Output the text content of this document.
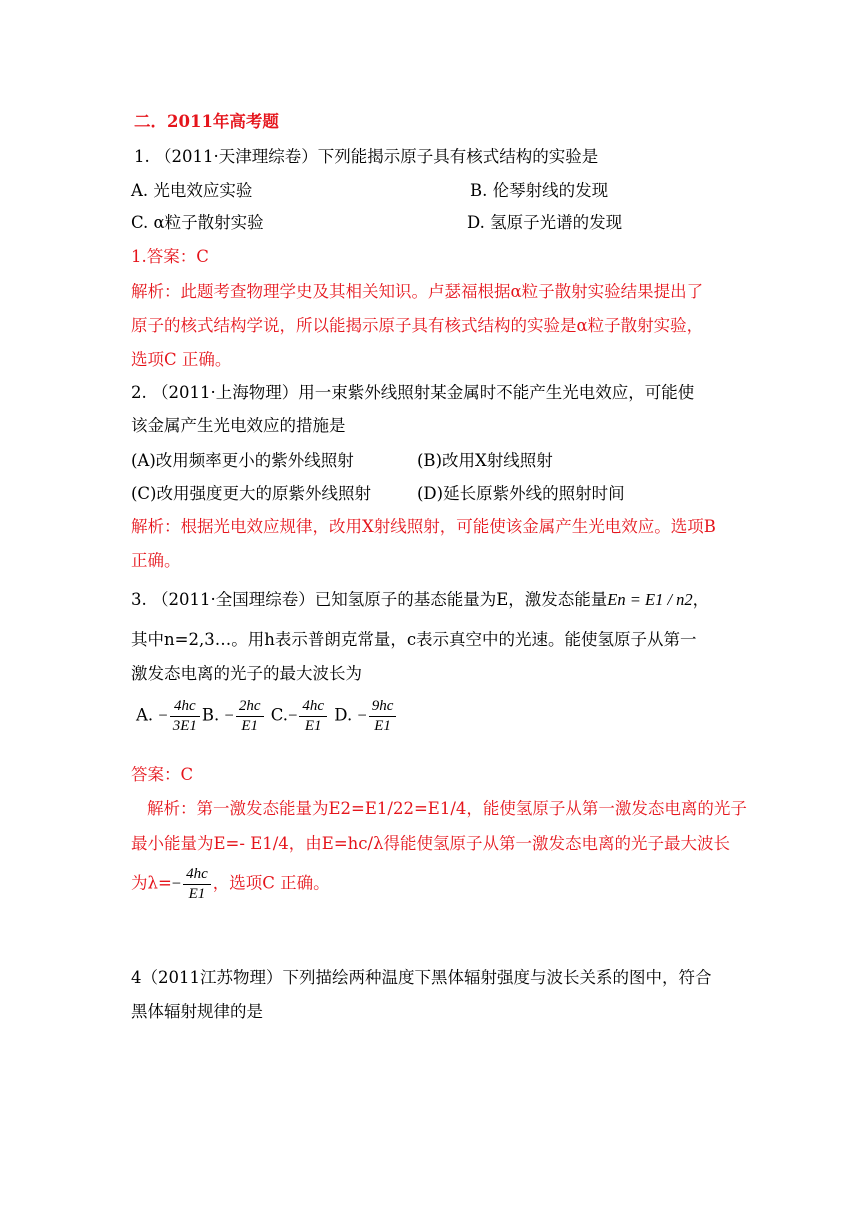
二．2011年高考题
1. （2011·天津理综卷）下列能揭示原子具有核式结构的实验是
A. 光电效应实验	B. 伦琴射线的发现
C. α粒子散射实验	D. 氢原子光谱的发现
1.答案：C
解析：此题考查物理学史及其相关知识。卢瑟福根据α粒子散射实验结果提出了
原子的核式结构学说，所以能揭示原子具有核式结构的实验是α粒子散射实验，
选项C 正确。
2. （2011·上海物理）用一束紫外线照射某金属时不能产生光电效应，可能使
该金属产生光电效应的措施是
(A)改用频率更小的紫外线照射	(B)改用X射线照射
(C)改用强度更大的原紫外线照射	(D)延长原紫外线的照射时间
解析：根据光电效应规律，改用X射线照射，可能使该金属产生光电效应。选项B
正确。
3. （2011·全国理综卷）已知氢原子的基态能量为E，激发态能量En = E1 / n2，
其中n=2,3…。用h表示普朗克常量，c表示真空中的光速。能使氢原子从第一
激发态电离的光子的最大波长为
A. − $\frac{4hc}{3E1} B$. − $\frac{2hc}{E1} C.- \frac{4hc}{E1} D$. − $\frac{9hc}{E1}$
答案：C
解析：第一激发态能量为E2=E1/22=E1/4，能使氢原子从第一激发态电离的光子
最小能量为E=- E1/4，由E=hc/λ得能使氢原子从第一激发态电离的光子最大波长
为$\lambda=- \frac{4hc}{E1}$ ，选项C 正确。
4（2011江苏物理）下列描绘两种温度下黑体辐射强度与波长关系的图中，符合
黑体辐射规律的是
